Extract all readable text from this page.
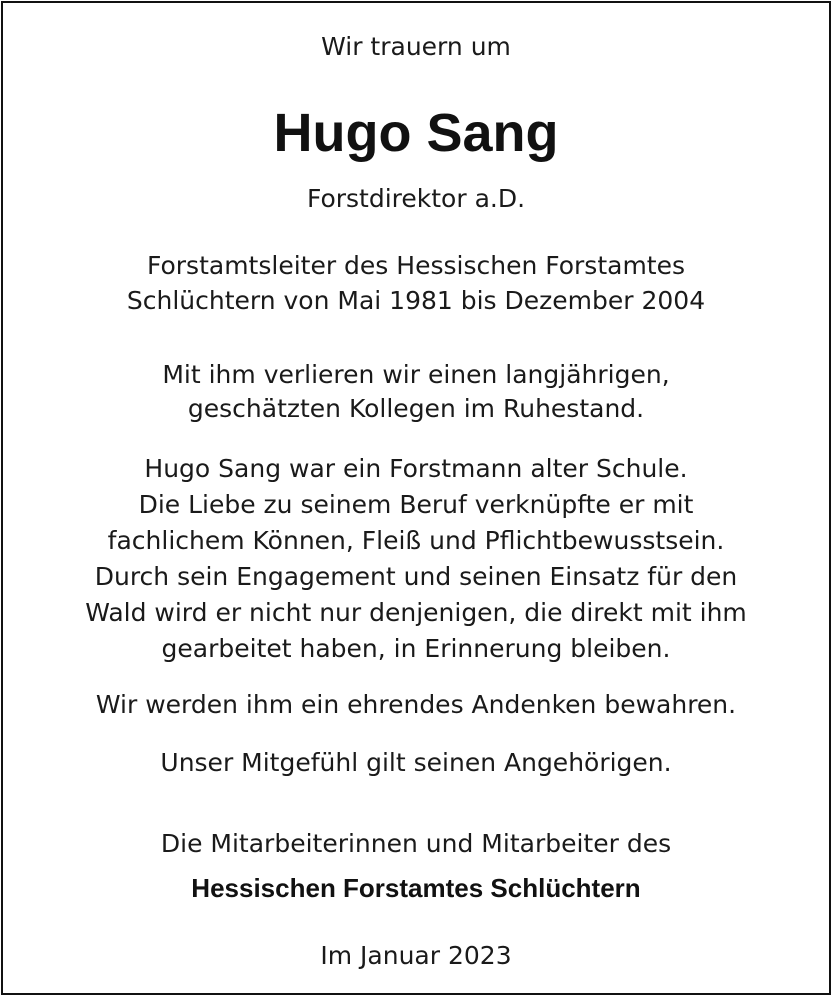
Wir trauern um

Hugo Sang

Forstdirektor a.D.

Forstamtsleiter des Hessischen Forstamtes

Schlüchtern von Mai 1981 bis Dezember 2004

Mit ihm verlieren wir einen langjährigen,

geschätzten Kollegen im Ruhestand.

Hugo Sang war ein Forstmann alter Schule.

Die Liebe zu seinem Beruf verknüpfte er mit

fachlichem Können, Fleiß und Pflichtbewusstsein.

Durch sein Engagement und seinen Einsatz für den

Wald wird er nicht nur denjenigen, die direkt mit ihm

gearbeitet haben, in Erinnerung bleiben.

Wir werden ihm ein ehrendes Andenken bewahren.

Unser Mitgefühl gilt seinen Angehörigen.

Die Mitarbeiterinnen und Mitarbeiter des

Hessischen Forstamtes Schlüchtern

Im Januar 2023
